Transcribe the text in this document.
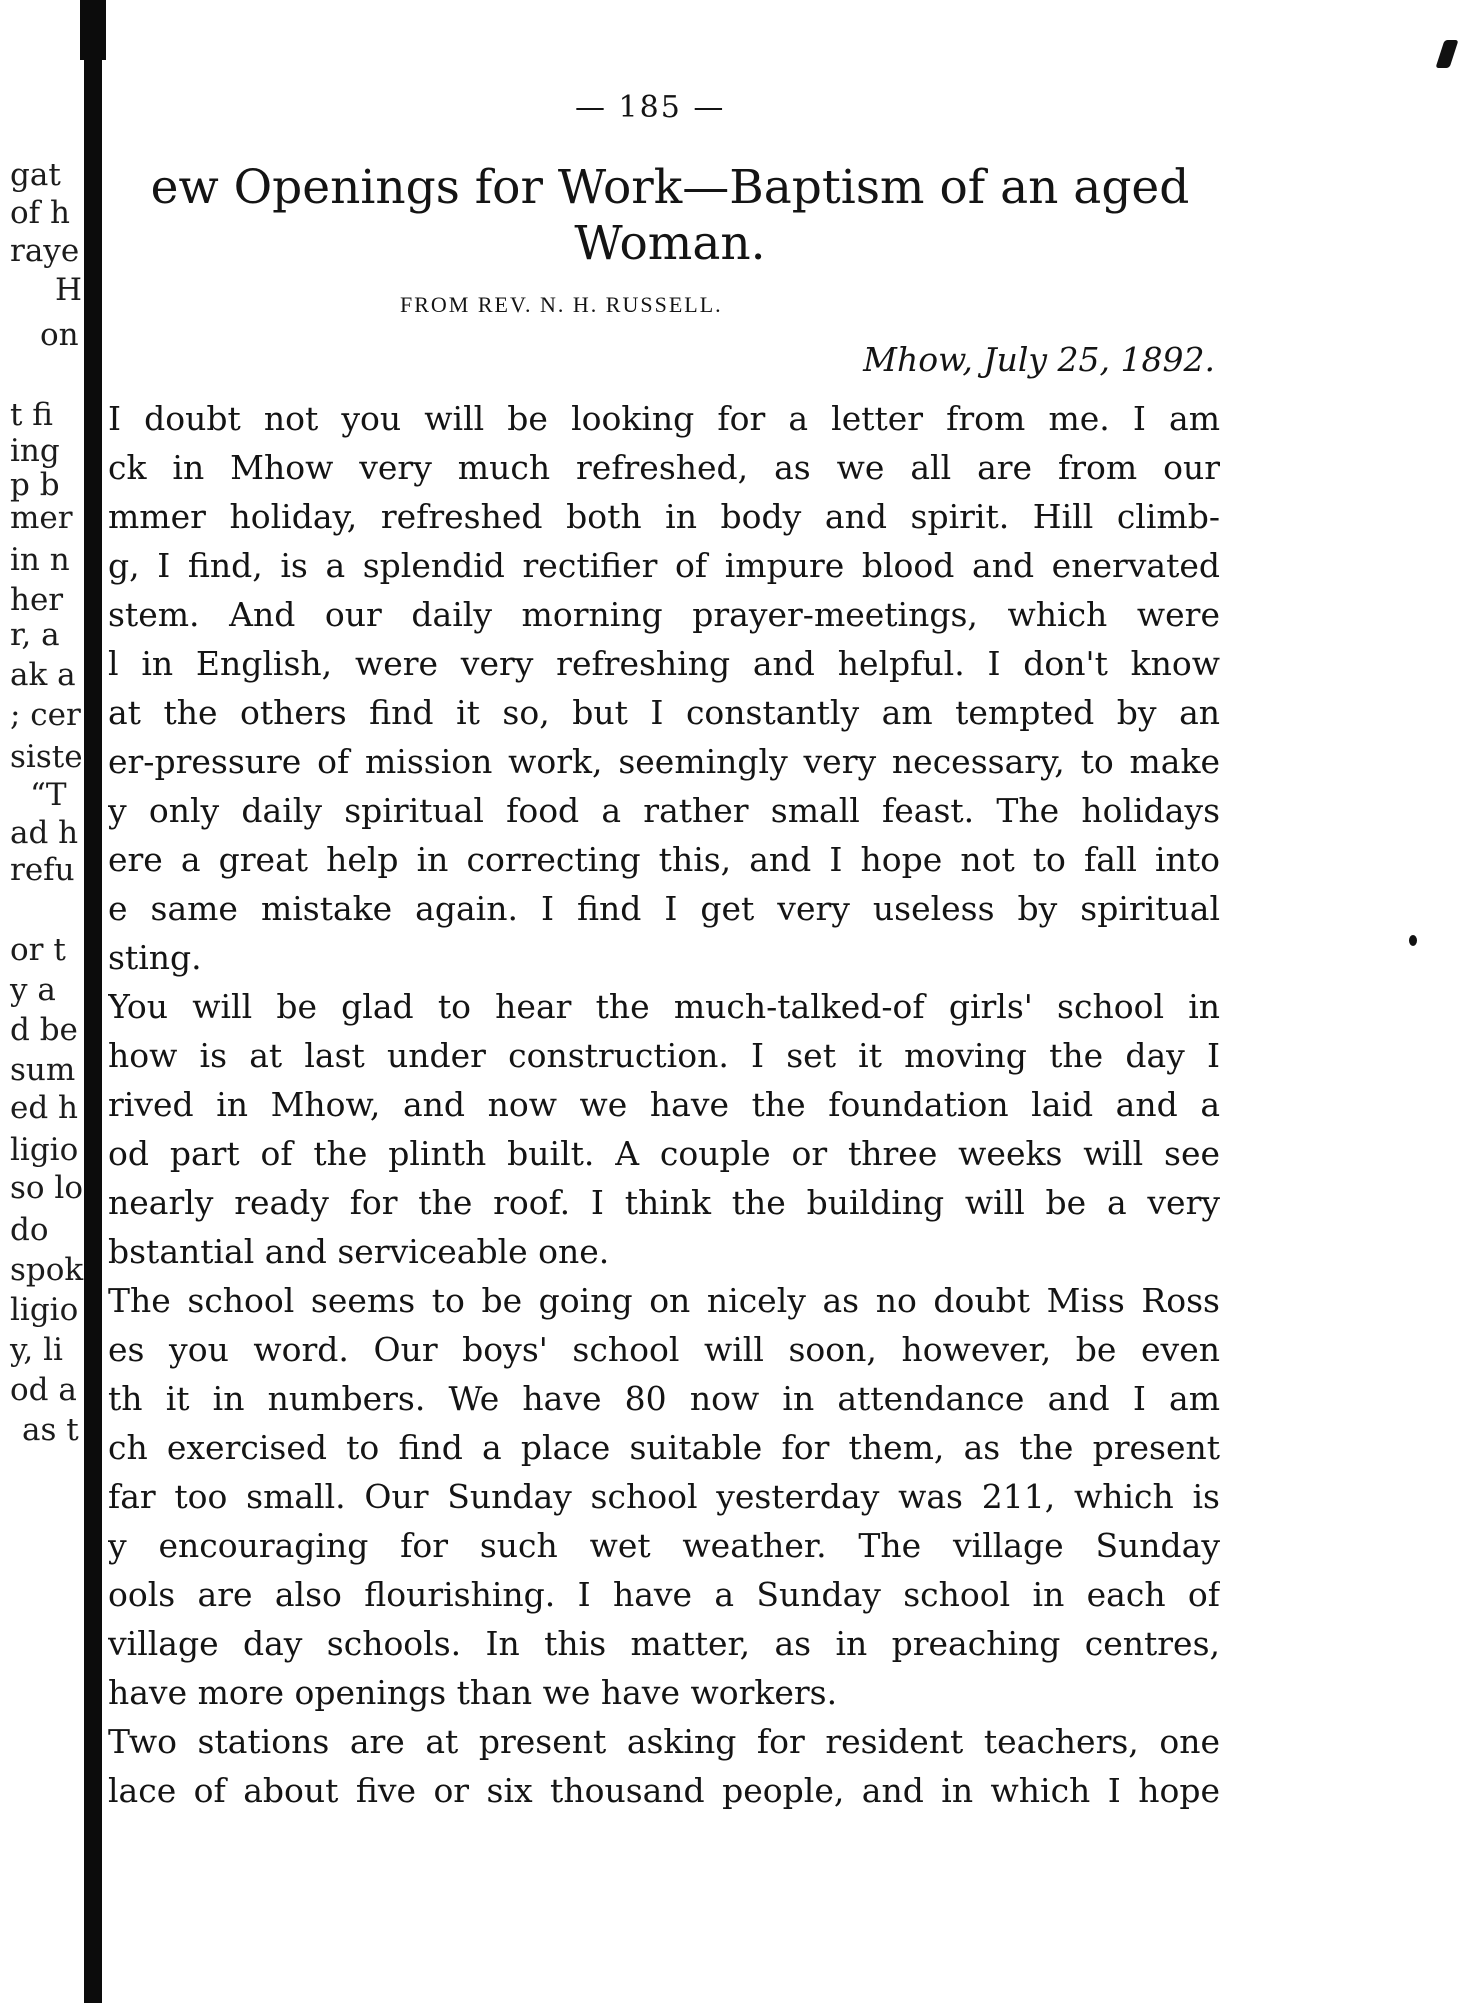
gat
of h
raye
H
on
t fi
ing
p b
mer
in n
her
r, a
ak a
; cer
siste
“T
ad h
refu
or t
y a
d be
sum
ed h
ligio
so lo
do
spok
ligio
y, li
od a
as t
— 185 —
ew Openings for Work—Baptism of an aged
Woman.
FROM REV. N. H. RUSSELL.
Mhow, July 25, 1892.
I doubt not you will be looking for a letter from me. I am
ck in Mhow very much refreshed, as we all are from our
mmer holiday, refreshed both in body and spirit. Hill climb-
g, I find, is a splendid rectifier of impure blood and enervated
stem. And our daily morning prayer-meetings, which were
l in English, were very refreshing and helpful. I don't know
at the others find it so, but I constantly am tempted by an
er-pressure of mission work, seemingly very necessary, to make
y only daily spiritual food a rather small feast. The holidays
ere a great help in correcting this, and I hope not to fall into
e same mistake again. I find I get very useless by spiritual
sting.
You will be glad to hear the much-talked-of girls' school in
how is at last under construction. I set it moving the day I
rived in Mhow, and now we have the foundation laid and a
od part of the plinth built. A couple or three weeks will see
nearly ready for the roof. I think the building will be a very
bstantial and serviceable one.
The school seems to be going on nicely as no doubt Miss Ross
es you word. Our boys' school will soon, however, be even
th it in numbers. We have 80 now in attendance and I am
ch exercised to find a place suitable for them, as the present
far too small. Our Sunday school yesterday was 211, which is
y encouraging for such wet weather. The village Sunday
ools are also flourishing. I have a Sunday school in each of
village day schools. In this matter, as in preaching centres,
have more openings than we have workers.
Two stations are at present asking for resident teachers, one
lace of about five or six thousand people, and in which I hope
